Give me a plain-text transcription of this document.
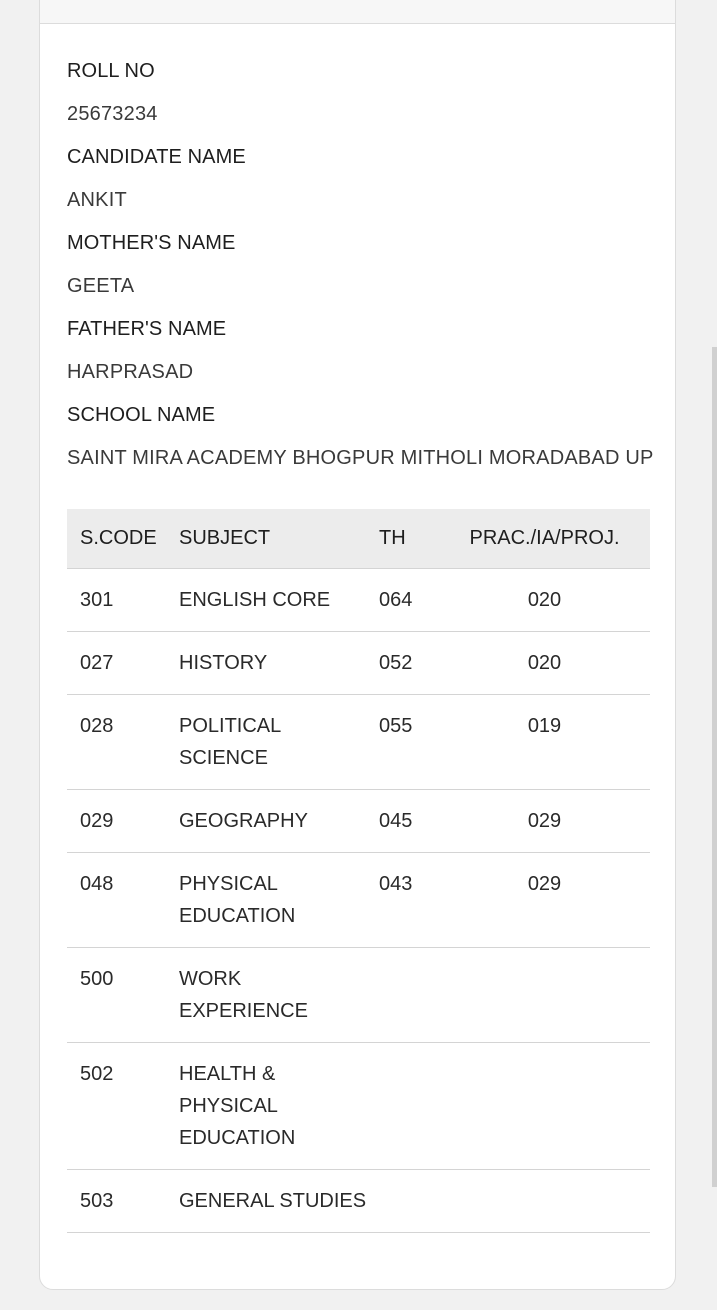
ROLL NO
25673234
CANDIDATE NAME
ANKIT
MOTHER'S NAME
GEETA
FATHER'S NAME
HARPRASAD
SCHOOL NAME
SAINT MIRA ACADEMY BHOGPUR MITHOLI MORADABAD UP
S.CODE	SUBJECT	TH	PRAC./IA/PROJ.
301	ENGLISH CORE	064	020
027	HISTORY	052	020
028	POLITICAL SCIENCE	055	019
029	GEOGRAPHY	045	029
048	PHYSICAL EDUCATION	043	029
500	WORK EXPERIENCE		

502	HEALTH & PHYSICAL EDUCATION		

503	GENERAL STUDIES		
